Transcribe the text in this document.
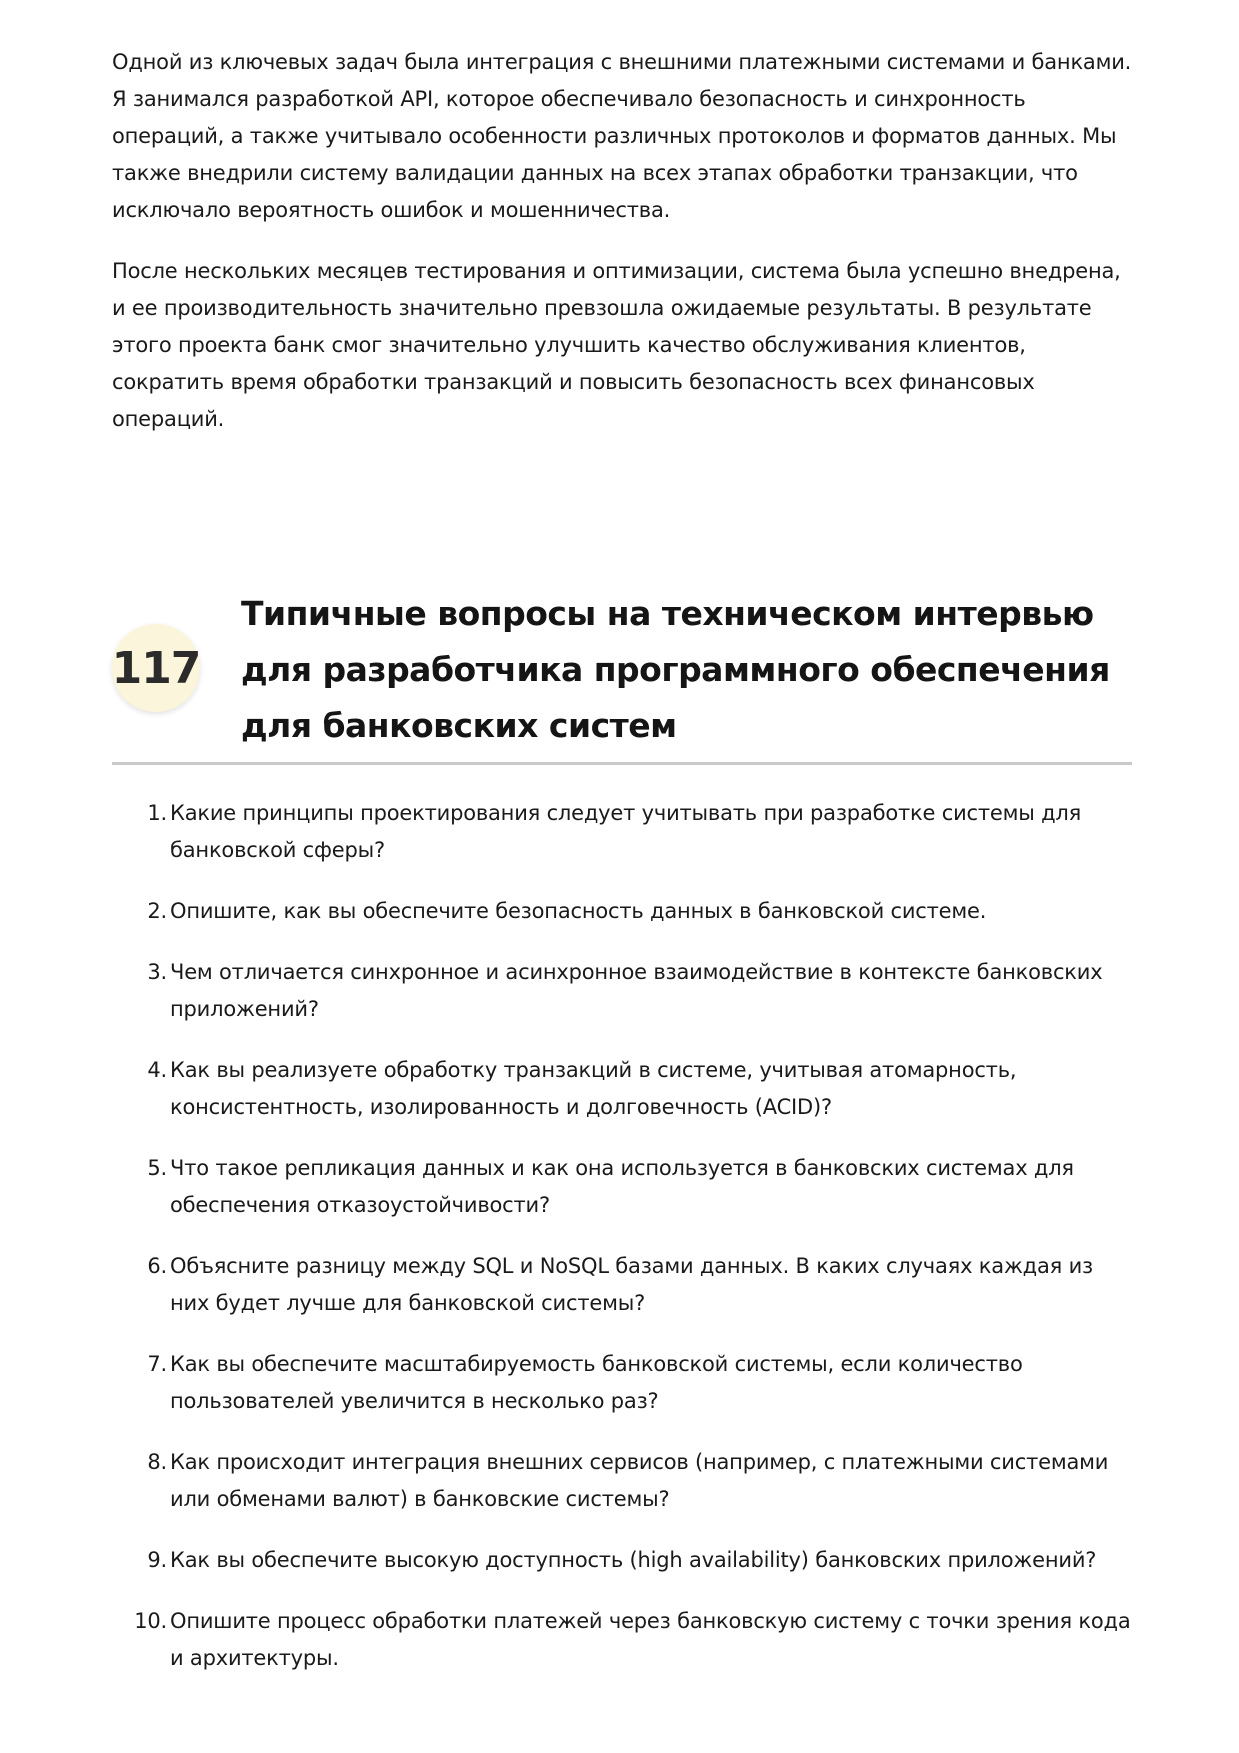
Одной из ключевых задач была интеграция с внешними платежными системами и банками. Я занимался разработкой API, которое обеспечивало безопасность и синхронность операций, а также учитывало особенности различных протоколов и форматов данных. Мы также внедрили систему валидации данных на всех этапах обработки транзакции, что исключало вероятность ошибок и мошенничества.

После нескольких месяцев тестирования и оптимизации, система была успешно внедрена, и ее производительность значительно превзошла ожидаемые результаты. В результате этого проекта банк смог значительно улучшить качество обслуживания клиентов, сократить время обработки транзакций и повысить безопасность всех финансовых операций.

117
Типичные вопросы на техническом интервью для разработчика программного обеспечения для банковских систем
1. Какие принципы проектирования следует учитывать при разработке системы для банковской сферы?
2. Опишите, как вы обеспечите безопасность данных в банковской системе.
3. Чем отличается синхронное и асинхронное взаимодействие в контексте банковских приложений?
4. Как вы реализуете обработку транзакций в системе, учитывая атомарность, консистентность, изолированность и долговечность (ACID)?
5. Что такое репликация данных и как она используется в банковских системах для обеспечения отказоустойчивости?
6. Объясните разницу между SQL и NoSQL базами данных. В каких случаях каждая из них будет лучше для банковской системы?
7. Как вы обеспечите масштабируемость банковской системы, если количество пользователей увеличится в несколько раз?
8. Как происходит интеграция внешних сервисов (например, с платежными системами или обменами валют) в банковские системы?
9. Как вы обеспечите высокую доступность (high availability) банковских приложений?
10. Опишите процесс обработки платежей через банковскую систему с точки зрения кода и архитектуры.
